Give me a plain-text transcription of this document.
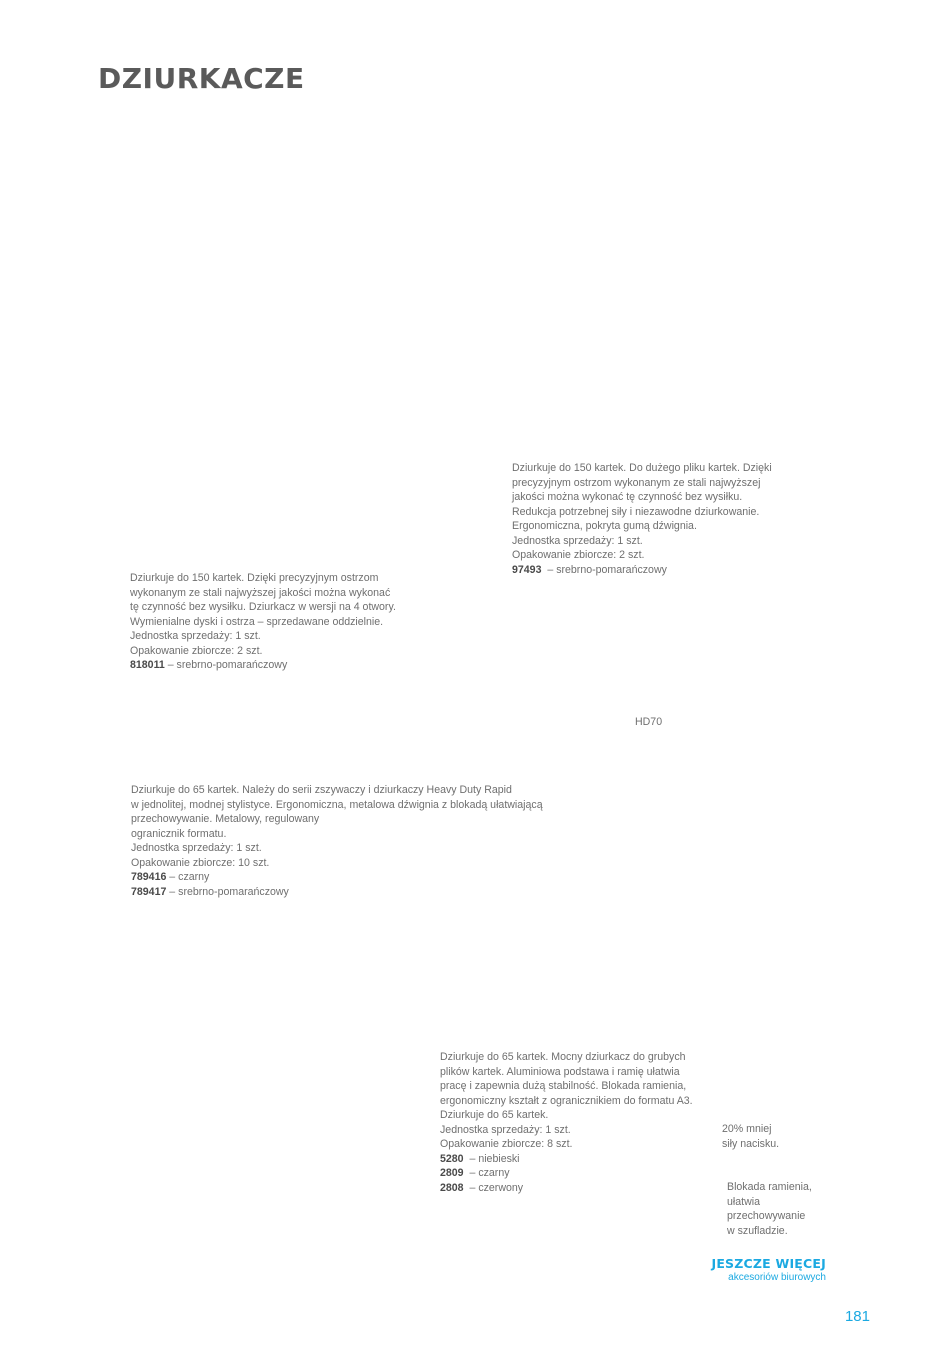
DZIURKACZE
Dziurkuje do 150 kartek. Do dużego pliku kartek. Dzięki
precyzyjnym ostrzom wykonanym ze stali najwyższej
jakości można wykonać tę czynność bez wysiłku.
Redukcja potrzebnej siły i niezawodne dziurkowanie.
Ergonomiczna, pokryta gumą dźwignia.
Jednostka sprzedaży: 1 szt.
Opakowanie zbiorcze: 2 szt.
97493  – srebrno-pomarańczowy
Dziurkuje do 150 kartek. Dzięki precyzyjnym ostrzom
wykonanym ze stali najwyższej jakości można wykonać
tę czynność bez wysiłku. Dziurkacz w wersji na 4 otwory.
Wymienialne dyski i ostrza – sprzedawane oddzielnie.
Jednostka sprzedaży: 1 szt.
Opakowanie zbiorcze: 2 szt.
818011 – srebrno-pomarańczowy
HD70
Dziurkuje do 65 kartek. Należy do serii zszywaczy i dziurkaczy Heavy Duty Rapid
w jednolitej, modnej stylistyce. Ergonomiczna, metalowa dźwignia z blokadą ułatwiającą
przechowywanie. Metalowy, regulowany
ogranicznik formatu.
Jednostka sprzedaży: 1 szt.
Opakowanie zbiorcze: 10 szt.
789416 – czarny
789417 – srebrno-pomarańczowy
Dziurkuje do 65 kartek. Mocny dziurkacz do grubych
plików kartek. Aluminiowa podstawa i ramię ułatwia
pracę i zapewnia dużą stabilność. Blokada ramienia,
ergonomiczny kształt z ogranicznikiem do formatu A3.
Dziurkuje do 65 kartek.
Jednostka sprzedaży: 1 szt.
Opakowanie zbiorcze: 8 szt.
5280  – niebieski
2809  – czarny
2808  – czerwony
20% mniej
siły nacisku.
Blokada ramienia,
ułatwia
przechowywanie
w szufladzie.
JESZCZE WIĘCEJ
akcesoriów biurowych
181
